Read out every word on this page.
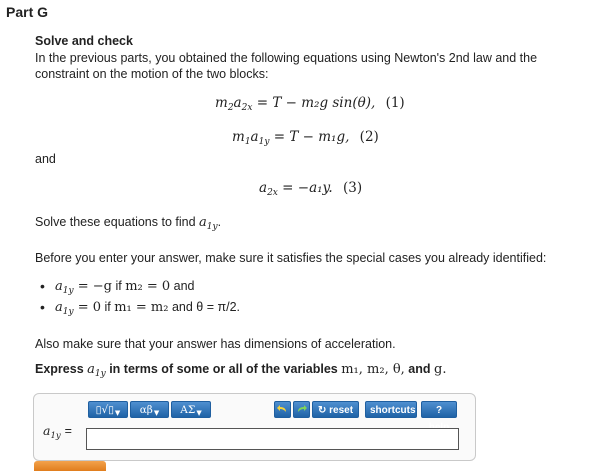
Part G
Solve and check
In the previous parts, you obtained the following equations using Newton's 2nd law and the
constraint on the motion of the two blocks:
$m_2a_{2x} = T - m_2g$ sin(θ), (1)
$m_1a_{1y} = T - m_1g$, (2)
and
$a_{2x} = -a_1y$. (3)
Solve these equations to find $a_{1y}$.
Before you enter your answer, make sure it satisfies the special cases you already identified:
• $a_{1y} = -g$ if m₂ = 0 and
• $a_{1y} = 0$ if m₁ = m₂ and θ = π/2.
Also make sure that your answer has dimensions of acceleration.
Express $a_{1y}$ in terms of some or all of the variables m₁, m₂, θ, and g.
▯√▯▼	αβ▼	ΑΣ▼	↻ reset	shortcuts	?
$a_{1y}$ =
